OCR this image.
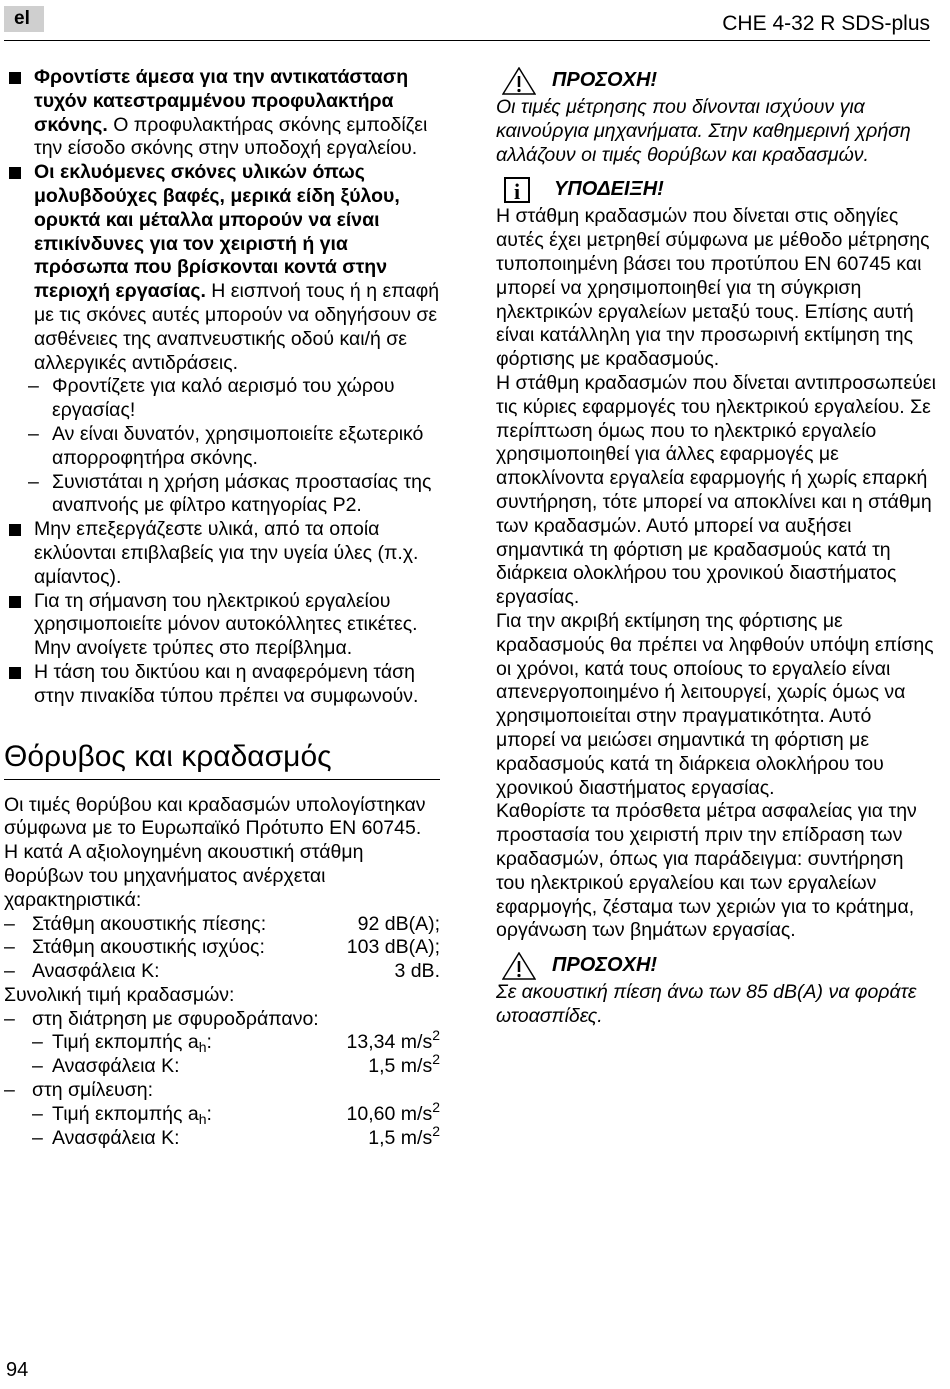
el	CHE 4-32 R SDS-plus
Φροντίστε άμεσα για την αντικατάσταση τυχόν κατεστραμμένου προφυλακτήρα σκόνης. Ο προφυλακτήρας σκόνης εμποδίζει την είσοδο σκόνης στην υποδοχή εργαλείου.
Οι εκλυόμενες σκόνες υλικών όπως μολυβδούχες βαφές, μερικά είδη ξύλου, ορυκτά και μέταλλα μπορούν να είναι επικίνδυνες για τον χειριστή ή για πρόσωπα που βρίσκονται κοντά στην περιοχή εργασίας. Η εισπνοή τους ή η επαφή με τις σκόνες αυτές μπορούν να οδηγήσουν σε ασθένειες της αναπνευστικής οδού και/ή σε αλλεργικές αντιδράσεις.
– Φροντίζετε για καλό αερισμό του χώρου εργασίας!
– Αν είναι δυνατόν, χρησιμοποιείτε εξωτερικό απορροφητήρα σκόνης.
– Συνιστάται η χρήση μάσκας προστασίας της αναπνοής με φίλτρο κατηγορίας P2.
Μην επεξεργάζεστε υλικά, από τα οποία εκλύονται επιβλαβείς για την υγεία ύλες (π.χ. αμίαντος).
Για τη σήμανση του ηλεκτρικού εργαλείου χρησιμοποιείτε μόνον αυτοκόλλητες ετικέτες. Μην ανοίγετε τρύπες στο περίβλημα.
Η τάση του δικτύου και η αναφερόμενη τάση στην πινακίδα τύπου πρέπει να συμφωνούν.
Θόρυβος και κραδασμός
Οι τιμές θορύβου και κραδασμών υπολογίστηκαν σύμφωνα με το Ευρωπαϊκό Πρότυπο EN 60745.
Η κατά A αξιολογημένη ακουστική στάθμη θορύβων του μηχανήματος ανέρχεται χαρακτηριστικά:
– Στάθμη ακουστικής πίεσης:	92 dB(A);
– Στάθμη ακουστικής ισχύος:	103 dB(A);
– Ανασφάλεια K:	3 dB.
Συνολική τιμή κραδασμών:
– στη διάτρηση με σφυροδράπανο:
– Τιμή εκπομπής $a_h$:	13,34 $m/s^2$
– Ανασφάλεια K:	1,5 $m/s^2$
– στη σμίλευση:
– Τιμή εκπομπής $a_h$:	10,60 $m/s^2$
– Ανασφάλεια K:	1,5 $m/s^2$
ΠΡΟΣΟΧΗ!
Οι τιμές μέτρησης που δίνονται ισχύουν για καινούργια μηχανήματα. Στην καθημερινή χρήση αλλάζουν οι τιμές θορύβων και κραδασμών.
i	ΥΠΟΔΕΙΞΗ!
Η στάθμη κραδασμών που δίνεται στις οδηγίες αυτές έχει μετρηθεί σύμφωνα με μέθοδο μέτρησης τυποποιημένη βάσει του προτύπου EN 60745 και μπορεί να χρησιμοποιηθεί για τη σύγκριση ηλεκτρικών εργαλείων μεταξύ τους. Επίσης αυτή είναι κατάλληλη για την προσωρινή εκτίμηση της φόρτισης με κραδασμούς.
Η στάθμη κραδασμών που δίνεται αντιπροσωπεύει τις κύριες εφαρμογές του ηλεκτρικού εργαλείου. Σε περίπτωση όμως που το ηλεκτρικό εργαλείο χρησιμοποιηθεί για άλλες εφαρμογές με αποκλίνοντα εργαλεία εφαρμογής ή χωρίς επαρκή συντήρηση, τότε μπορεί να αποκλίνει και η στάθμη των κραδασμών. Αυτό μπορεί να αυξήσει σημαντικά τη φόρτιση με κραδασμούς κατά τη διάρκεια ολοκλήρου του χρονικού διαστήματος εργασίας.
Για την ακριβή εκτίμηση της φόρτισης με κραδασμούς θα πρέπει να ληφθούν υπόψη επίσης οι χρόνοι, κατά τους οποίους το εργαλείο είναι απενεργοποιημένο ή λειτουργεί, χωρίς όμως να χρησιμοποιείται στην πραγματικότητα. Αυτό μπορεί να μειώσει σημαντικά τη φόρτιση με κραδασμούς κατά τη διάρκεια ολοκλήρου του χρονικού διαστήματος εργασίας.
Καθορίστε τα πρόσθετα μέτρα ασφαλείας για την προστασία του χειριστή πριν την επίδραση των κραδασμών, όπως για παράδειγμα: συντήρηση του ηλεκτρικού εργαλείου και των εργαλείων εφαρμογής, ζέσταμα των χεριών για το κράτημα, οργάνωση των βημάτων εργασίας.
ΠΡΟΣΟΧΗ!
Σε ακουστική πίεση άνω των 85 dB(A) να φοράτε ωτοασπίδες.
94
